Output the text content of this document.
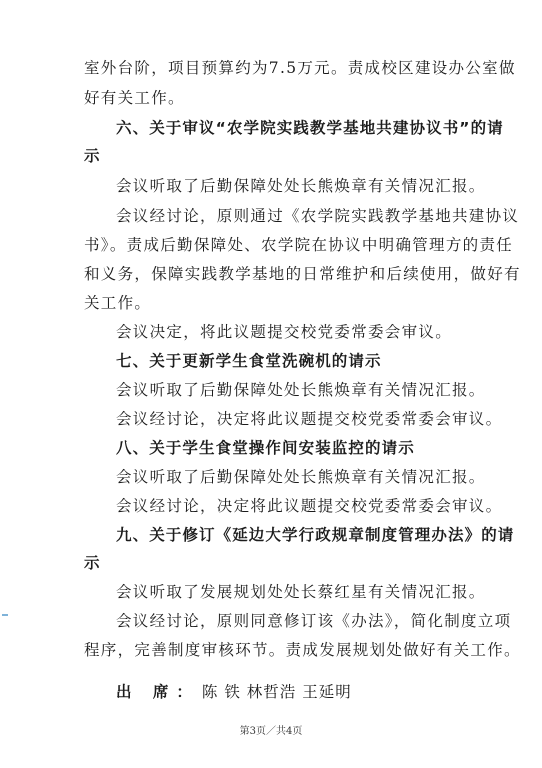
室外台阶，项目预算约为7.5万元。责成校区建设办公室做
好有关工作。
六、关于审议“农学院实践教学基地共建协议书”的请
示
会议听取了后勤保障处处长熊焕章有关情况汇报。
会议经讨论，原则通过《农学院实践教学基地共建协议
书》。责成后勤保障处、农学院在协议中明确管理方的责任
和义务，保障实践教学基地的日常维护和后续使用，做好有
关工作。
会议决定，将此议题提交校党委常委会审议。
七、关于更新学生食堂洗碗机的请示
会议听取了后勤保障处处长熊焕章有关情况汇报。
会议经讨论，决定将此议题提交校党委常委会审议。
八、关于学生食堂操作间安装监控的请示
会议听取了后勤保障处处长熊焕章有关情况汇报。
会议经讨论，决定将此议题提交校党委常委会审议。
九、关于修订《延边大学行政规章制度管理办法》的请
示
会议听取了发展规划处处长蔡红星有关情况汇报。
会议经讨论，原则同意修订该《办法》，简化制度立项
程序，完善制度审核环节。责成发展规划处做好有关工作。
出 席： 陈 铁 林哲浩 王延明
第3页／共4页
